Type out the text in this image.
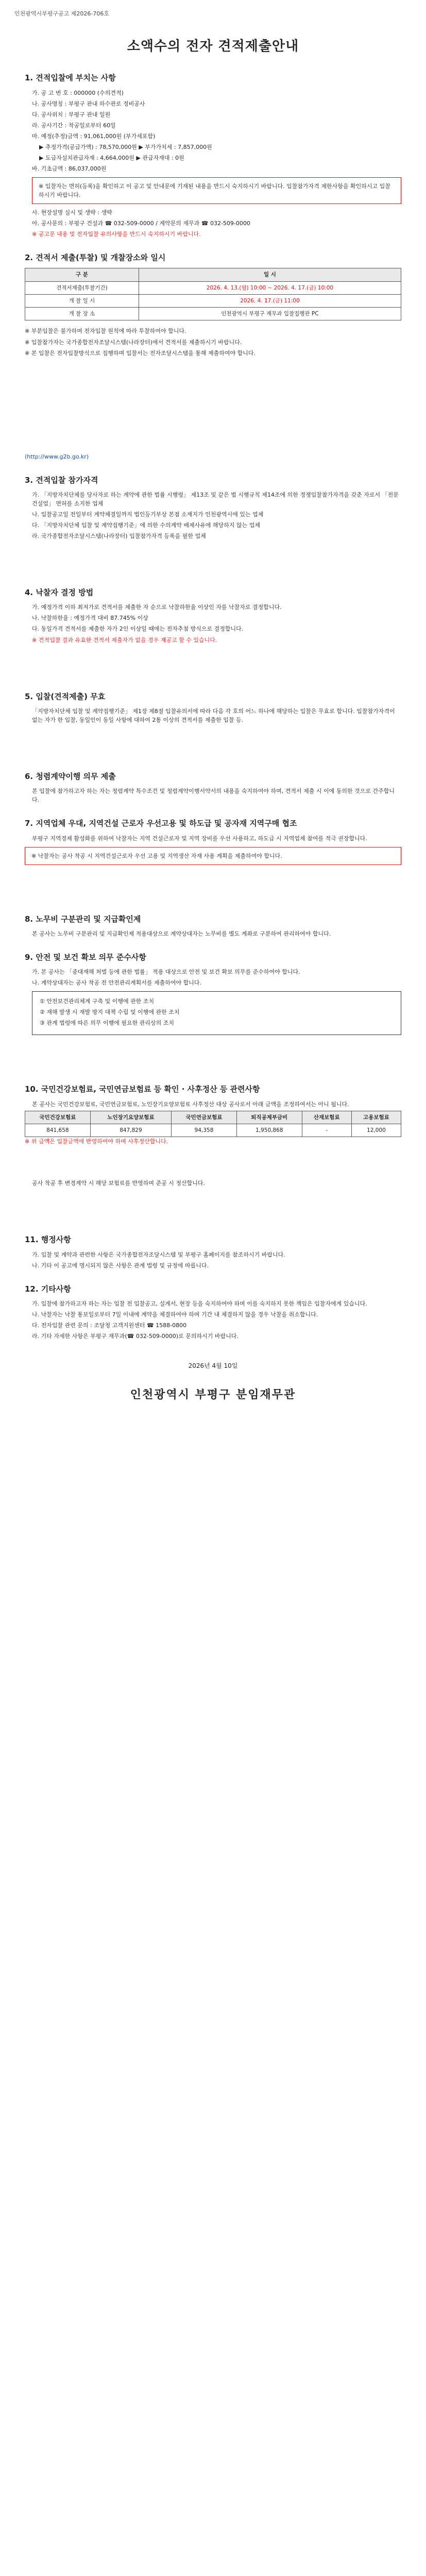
인천광역시부평구공고 제2026-706호
소액수의 전자 견적제출안내
1. 견적입찰에 부치는 사항
가. 공 고 번 호 : 000000 (수의견적)
나. 공사명칭 : 부평구 관내 하수관로 정비공사
다. 공사위치 : 부평구 관내 일원
라. 공사기간 : 착공일로부터 60일
마. 예정(추정)금액 : 91,061,000원 (부가세포함)
▶ 추정가격(공급가액) : 78,570,000원 ▶ 부가가치세 : 7,857,000원
▶ 도급자설치관급자재 : 4,664,000원 ▶ 관급자재대 : 0원
바. 기초금액 : 86,037,000원
※ 입찰자는 면허(등록)을 확인하고 이 공고 및 안내문에 기재된 내용을 반드시 숙지하시기 바랍니다. 입찰참가자격 제한사항을 확인하시고 입찰하시기 바랍니다.
사. 현장설명 실시 및 생략 : 생략
아. 공사문의 : 부평구 건설과 ☎ 032-509-0000 / 계약문의 재무과 ☎ 032-509-0000
※ 공고문 내용 및 전자입찰 유의사항을 반드시 숙지하시기 바랍니다.
2. 견적서 제출(투찰) 및 개찰장소와 일시
구 분	일 시
견적서제출(투찰기간)	2026. 4. 13.(월) 10:00 ~ 2026. 4. 17.(금) 10:00
개 찰 일 시	2026. 4. 17.(금) 11:00
개 찰 장 소	인천광역시 부평구 재무과 입찰집행관 PC
※ 부분입찰은 불가하며 전자입찰 원칙에 따라 투찰하여야 합니다.
※ 입찰참가자는 국가종합전자조달시스템(나라장터)에서 견적서를 제출하시기 바랍니다.
※ 본 입찰은 전자입찰방식으로 집행하며 입찰서는 전자조달시스템을 통해 제출하여야 합니다.
(http://www.g2b.go.kr)
3. 견적입찰 참가자격
가. 「지방자치단체를 당사자로 하는 계약에 관한 법률 시행령」 제13조 및 같은 법 시행규칙 제14조에 의한 경쟁입찰참가자격을 갖춘 자로서 「전문건설업」 면허를 소지한 업체
나. 입찰공고일 전일부터 계약체결일까지 법인등기부상 본점 소재지가 인천광역시에 있는 업체
다. 「지방자치단체 입찰 및 계약집행기준」에 의한 수의계약 배제사유에 해당하지 않는 업체
라. 국가종합전자조달시스템(나라장터) 입찰참가자격 등록을 필한 업체
4. 낙찰자 결정 방법
가. 예정가격 이하 최저가로 견적서를 제출한 자 순으로 낙찰하한율 이상인 자를 낙찰자로 결정합니다.
나. 낙찰하한율 : 예정가격 대비 87.745% 이상
다. 동일가격 견적서를 제출한 자가 2인 이상일 때에는 전자추첨 방식으로 결정합니다.
※ 견적입찰 결과 유효한 견적서 제출자가 없을 경우 재공고 할 수 있습니다.
5. 입찰(견적제출) 무효
「지방자치단체 입찰 및 계약집행기준」 제1장 제8절 입찰유의서에 따라 다음 각 호의 어느 하나에 해당하는 입찰은 무효로 합니다. 입찰참가자격이 없는 자가 한 입찰, 동일인이 동일 사항에 대하여 2통 이상의 견적서를 제출한 입찰 등.
6. 청렴계약이행 의무 제출
본 입찰에 참가하고자 하는 자는 청렴계약 특수조건 및 청렴계약이행서약서의 내용을 숙지하여야 하며, 견적서 제출 시 이에 동의한 것으로 간주합니다.
7. 지역업체 우대, 지역건설 근로자 우선고용 및 하도급 및 공자재 지역구매 협조
부평구 지역경제 활성화를 위하여 낙찰자는 지역 건설근로자 및 지역 장비를 우선 사용하고, 하도급 시 지역업체 참여를 적극 권장합니다.
※ 낙찰자는 공사 착공 시 지역건설근로자 우선 고용 및 지역생산 자재 사용 계획을 제출하여야 합니다.
8. 노무비 구분관리 및 지급확인제
본 공사는 노무비 구분관리 및 지급확인제 적용대상으로 계약상대자는 노무비를 별도 계좌로 구분하여 관리하여야 합니다.
9. 안전 및 보건 확보 의무 준수사항
가. 본 공사는 「중대재해 처벌 등에 관한 법률」 적용 대상으로 안전 및 보건 확보 의무를 준수하여야 합니다.
나. 계약상대자는 공사 착공 전 안전관리계획서를 제출하여야 합니다.
① 안전보건관리체계 구축 및 이행에 관한 조치
② 재해 발생 시 재발 방지 대책 수립 및 이행에 관한 조치
③ 관계 법령에 따른 의무 이행에 필요한 관리상의 조치
10. 국민건강보험료, 국민연금보험료 등 확인 · 사후정산 등 관련사항
본 공사는 국민건강보험료, 국민연금보험료, 노인장기요양보험료 사후정산 대상 공사로서 아래 금액을 조정하여서는 아니 됩니다.
국민건강보험료	노인장기요양보험료	국민연금보험료	퇴직공제부금비	산재보험료	고용보험료
841,658	847,829	94,358	1,950,868	-	12,000
※ 위 금액은 입찰금액에 반영하여야 하며 사후정산합니다.
공사 착공 후 변경계약 시 해당 보험료를 반영하며 준공 시 정산합니다.
11. 행정사항
가. 입찰 및 계약과 관련한 사항은 국가종합전자조달시스템 및 부평구 홈페이지를 참조하시기 바랍니다.
나. 기타 이 공고에 명시되지 않은 사항은 관계 법령 및 규정에 따릅니다.
12. 기타사항
가. 입찰에 참가하고자 하는 자는 입찰 전 입찰공고, 설계서, 현장 등을 숙지하여야 하며 이를 숙지하지 못한 책임은 입찰자에게 있습니다.
나. 낙찰자는 낙찰 통보일로부터 7일 이내에 계약을 체결하여야 하며 기간 내 체결하지 않을 경우 낙찰을 취소합니다.
다. 전자입찰 관련 문의 : 조달청 고객지원센터 ☎ 1588-0800
라. 기타 자세한 사항은 부평구 재무과(☎ 032-509-0000)로 문의하시기 바랍니다.
2026년 4월 10일
인천광역시 부평구 분임재무관
